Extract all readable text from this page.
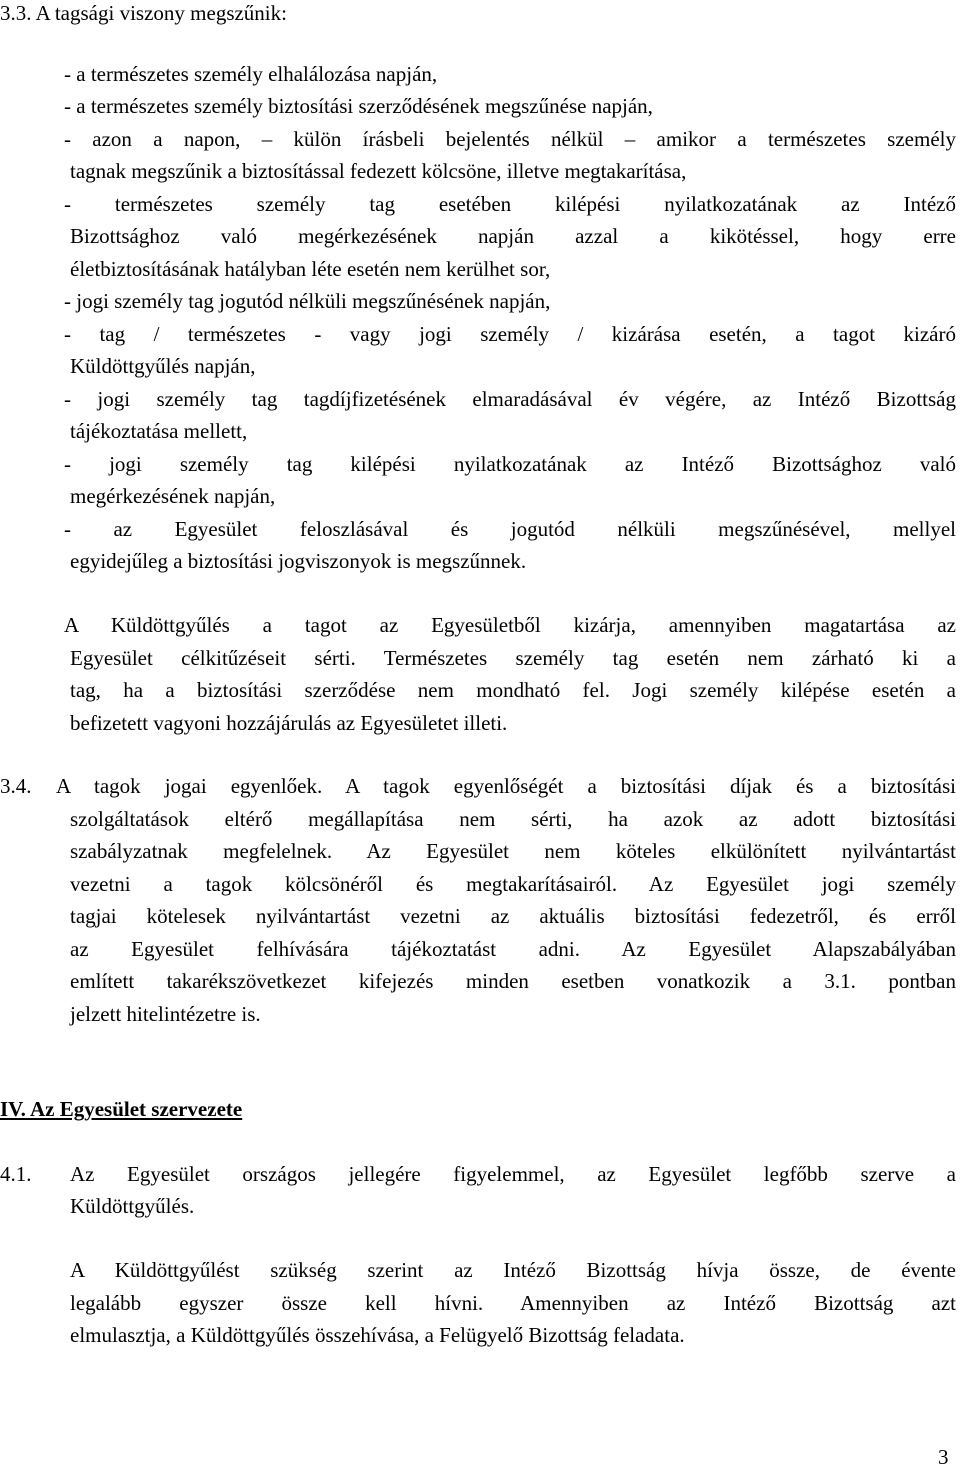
3.3. A tagsági viszony megszűnik:
- a természetes személy elhalálozása napján,
- a természetes személy biztosítási szerződésének megszűnése napján,
- azon a napon, – külön írásbeli bejelentés nélkül – amikor a természetes személy
tagnak megszűnik a biztosítással fedezett kölcsöne, illetve megtakarítása,
- természetes személy tag esetében kilépési nyilatkozatának az Intéző
Bizottsághoz való megérkezésének napján azzal a kikötéssel, hogy erre
életbiztosításának hatályban léte esetén nem kerülhet sor,
- jogi személy tag jogutód nélküli megszűnésének napján,
- tag / természetes - vagy jogi személy / kizárása esetén, a tagot kizáró
Küldöttgyűlés napján,
- jogi személy tag tagdíjfizetésének elmaradásával év végére, az Intéző Bizottság
tájékoztatása mellett,
- jogi személy tag kilépési nyilatkozatának az Intéző Bizottsághoz való
megérkezésének napján,
- az Egyesület feloszlásával és jogutód nélküli megszűnésével, mellyel
egyidejűleg a biztosítási jogviszonyok is megszűnnek.
A Küldöttgyűlés a tagot az Egyesületből kizárja, amennyiben magatartása az
Egyesület célkitűzéseit sérti. Természetes személy tag esetén nem zárható ki a
tag, ha a biztosítási szerződése nem mondható fel. Jogi személy kilépése esetén a
befizetett vagyoni hozzájárulás az Egyesületet illeti.
3.4. A tagok jogai egyenlőek. A tagok egyenlőségét a biztosítási díjak és a biztosítási
szolgáltatások eltérő megállapítása nem sérti, ha azok az adott biztosítási
szabályzatnak megfelelnek. Az Egyesület nem köteles elkülönített nyilvántartást
vezetni a tagok kölcsönéről és megtakarításairól. Az Egyesület jogi személy
tagjai kötelesek nyilvántartást vezetni az aktuális biztosítási fedezetről, és erről
az Egyesület felhívására tájékoztatást adni. Az Egyesület Alapszabályában
említett takarékszövetkezet kifejezés minden esetben vonatkozik a 3.1. pontban
jelzett hitelintézetre is.
IV. Az Egyesület szervezete
4.1. Az Egyesület országos jellegére figyelemmel, az Egyesület legfőbb szerve a
Küldöttgyűlés.
A Küldöttgyűlést szükség szerint az Intéző Bizottság hívja össze, de évente
legalább egyszer össze kell hívni. Amennyiben az Intéző Bizottság azt
elmulasztja, a Küldöttgyűlés összehívása, a Felügyelő Bizottság feladata.
3
